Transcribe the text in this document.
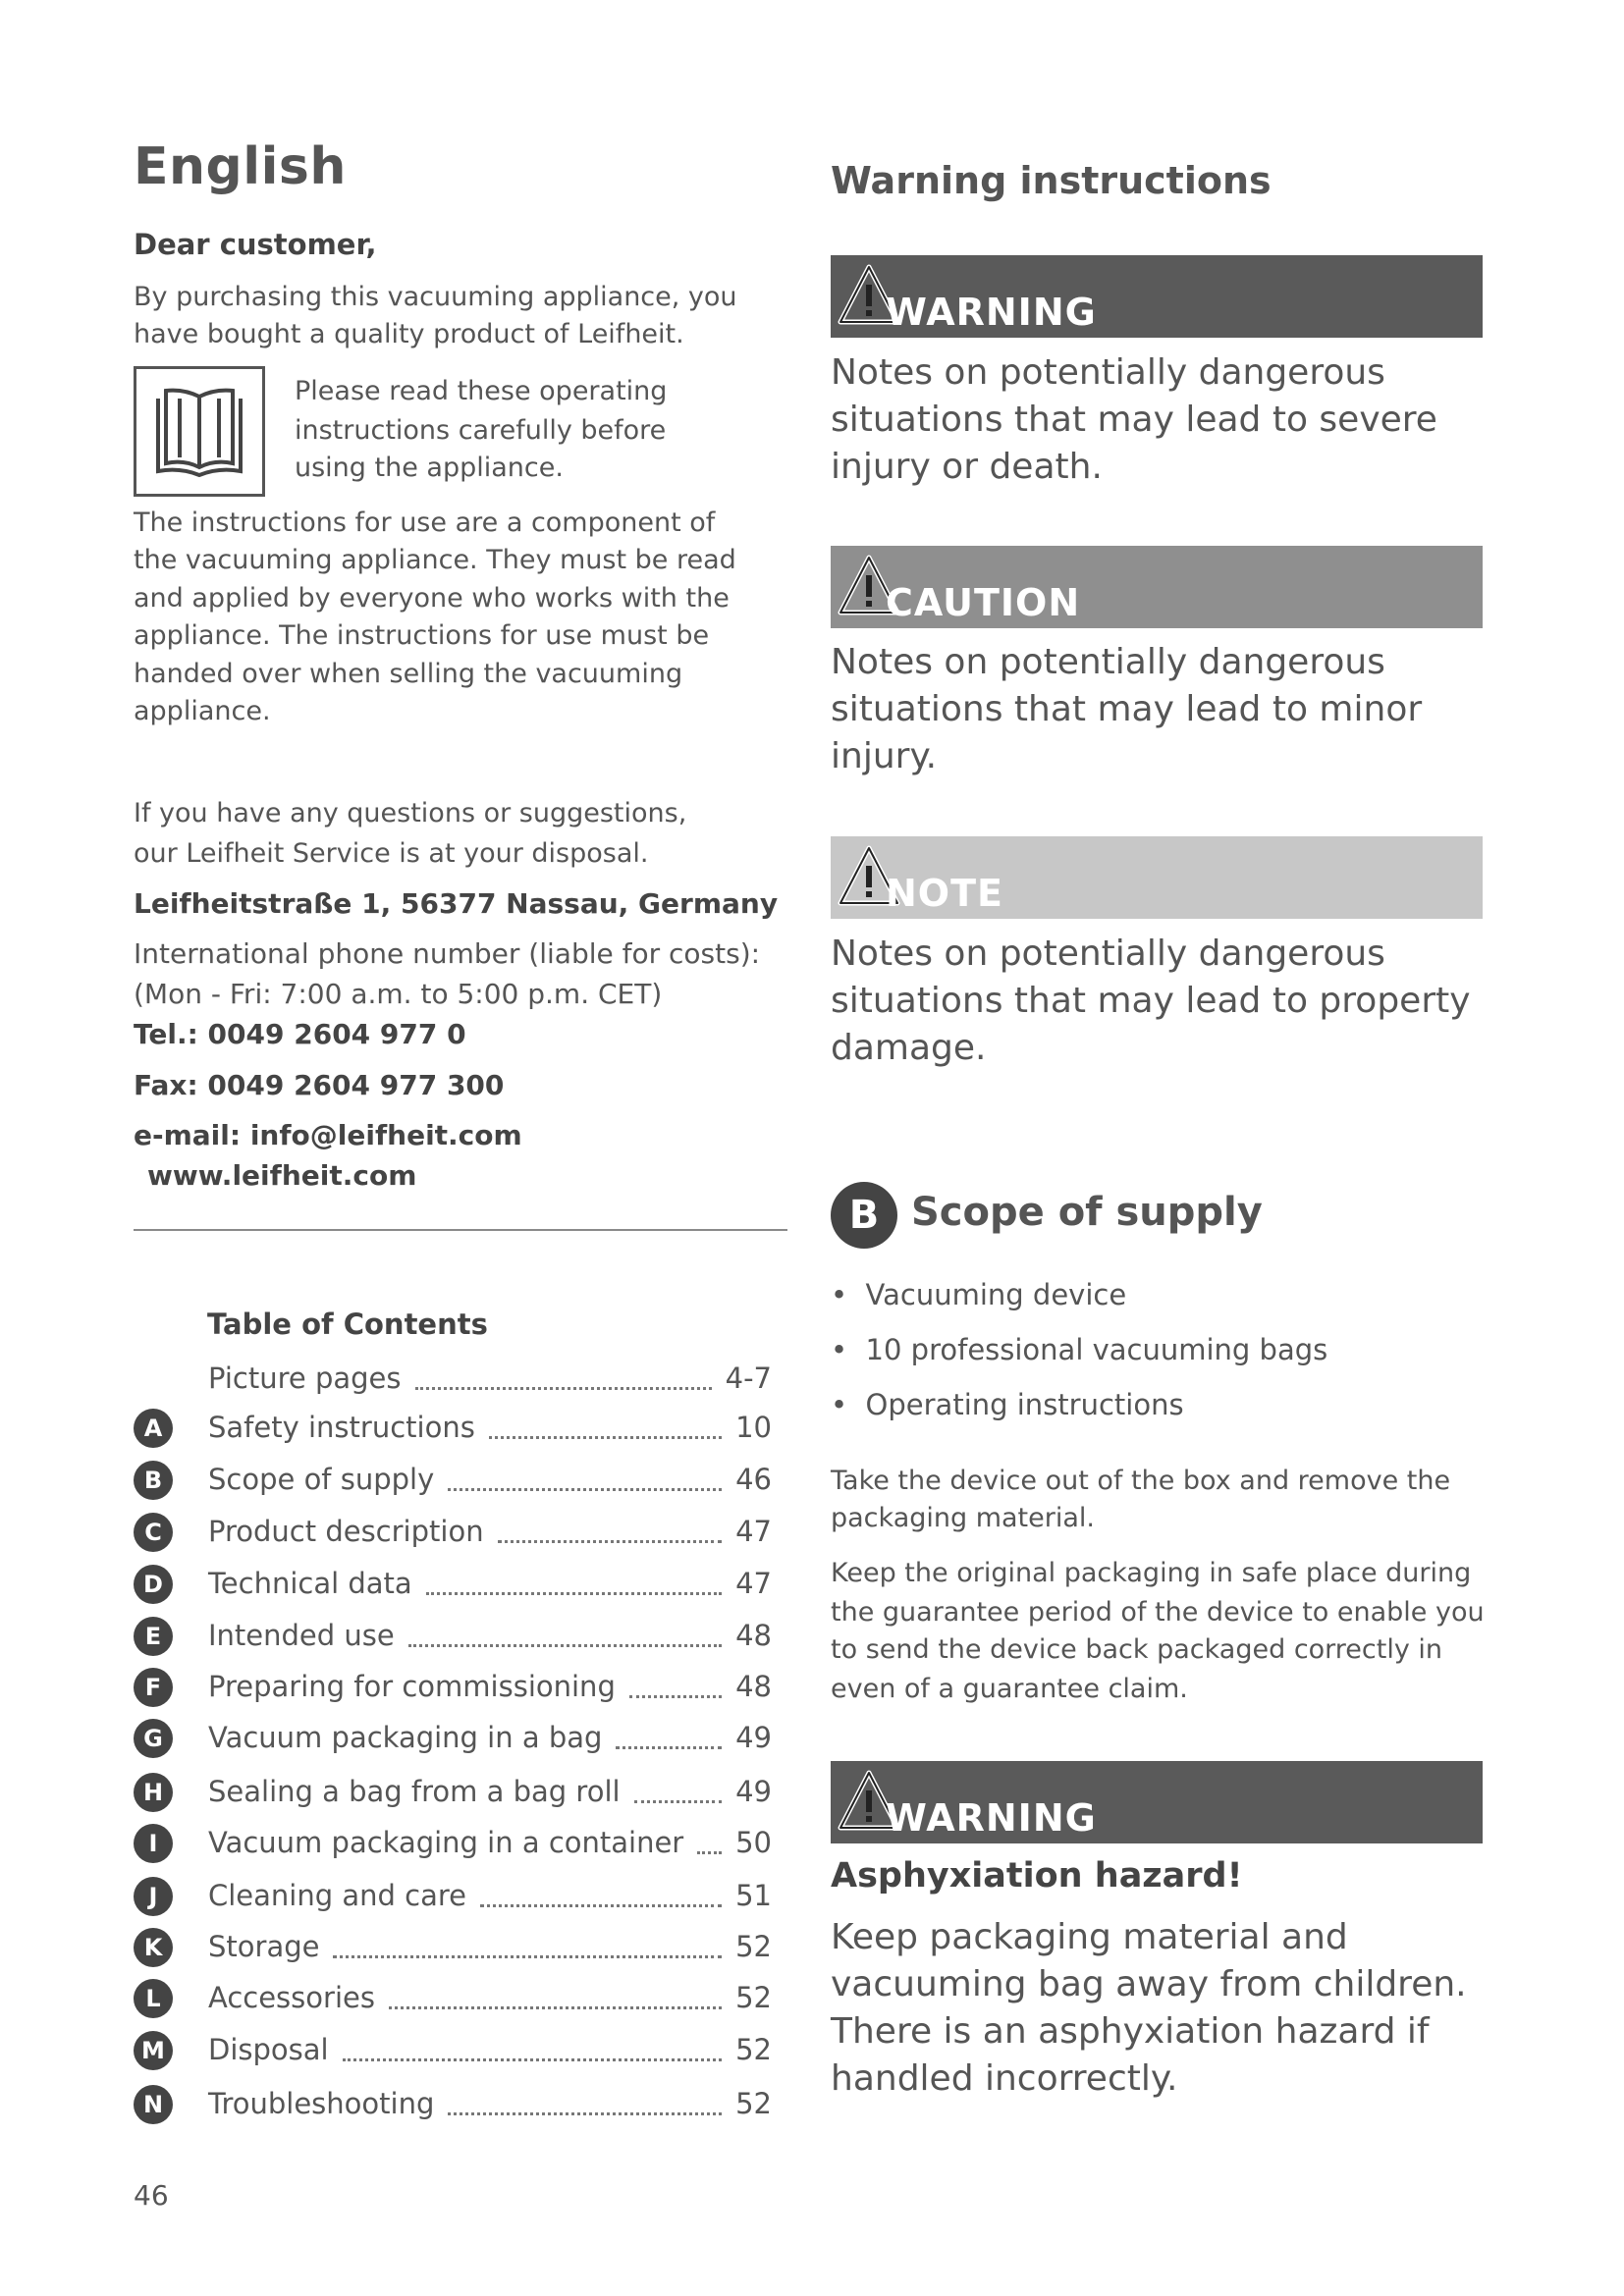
English
Dear customer,
By purchasing this vacuuming appliance, you
have bought a quality product of Leifheit.
Please read these operating
instructions carefully before
using the appliance.
The instructions for use are a component of
the vacuuming appliance. They must be read
and applied by everyone who works with the
appliance. The instructions for use must be
handed over when selling the vacuuming
appliance.
If you have any questions or suggestions,
our Leifheit Service is at your disposal.
Leifheitstraße 1, 56377 Nassau, Germany
International phone number (liable for costs):
(Mon - Fri: 7:00 a.m. to 5:00 p.m. CET)
Tel.: 0049 2604 977 0
Fax: 0049 2604 977 300
e-mail: info@leifheit.com
www.leifheit.com
Table of Contents
Picture pages	4-7
A	Safety instructions	10
B	Scope of supply	46
C	Product description	47
D	Technical data	47
E	Intended use	48
F	Preparing for commissioning	48
G	Vacuum packaging in a bag	49
H	Sealing a bag from a bag roll	49
I	Vacuum packaging in a container 50
J	Cleaning and care	51
K	Storage	52
L	Accessories	52
M Disposal	52
N	Troubleshooting	52
Warning instructions
WARNING
Notes on potentially dangerous
situations that may lead to severe
injury or death.
CAUTION
Notes on potentially dangerous
situations that may lead to minor
injury.
NOTE
Notes on potentially dangerous
situations that may lead to property
damage.
B Scope of supply
•  Vacuuming device
•  10 professional vacuuming bags
•  Operating instructions
Take the device out of the box and remove the
packaging material.
Keep the original packaging in safe place during
the guarantee period of the device to enable you
to send the device back packaged correctly in
even of a guarantee claim.
WARNING
Asphyxiation hazard!
Keep packaging material and
vacuuming bag away from children.
There is an asphyxiation hazard if
handled incorrectly.
46
